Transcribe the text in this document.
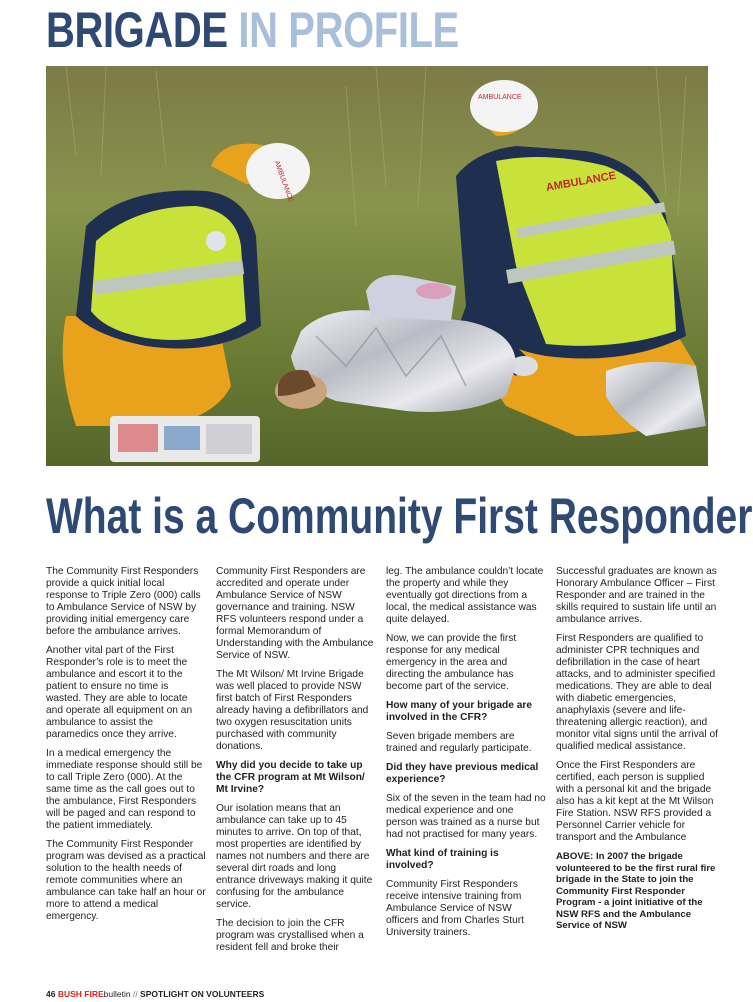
BRIGADE IN PROFILE
AMBULANCE	AMBULANCE
AMBULANCE
What is a Community First Responder

The Community First Responders provide a quick initial local response to Triple Zero (000) calls to Ambulance Service of NSW by providing initial emergency care before the ambulance arrives.

Another vital part of the First Responder’s role is to meet the ambulance and escort it to the patient to ensure no time is wasted. They are able to locate and operate all equipment on an ambulance to assist the paramedics once they arrive.

In a medical emergency the immediate response should still be to call Triple Zero (000). At the same time as the call goes out to the ambulance, First Responders will be paged and can respond to the patient immediately.

The Community First Responder program was devised as a practical solution to the health needs of remote communities where an ambulance can take half an hour or more to attend a medical emergency.

Community First Responders are accredited and operate under Ambulance Service of NSW governance and training. NSW RFS volunteers respond under a formal Memorandum of Understanding with the Ambulance Service of NSW.

The Mt Wilson/ Mt Irvine Brigade was well placed to provide NSW first batch of First Responders already having a defibrillators and two oxygen resuscitation units purchased with community donations.

Why did you decide to take up the CFR program at Mt Wilson/ Mt Irvine?

Our isolation means that an ambulance can take up to 45 minutes to arrive. On top of that, most properties are identified by names not numbers and there are several dirt roads and long entrance driveways making it quite confusing for the ambulance service.

The decision to join the CFR program was crystallised when a resident fell and broke their

leg. The ambulance couldn’t locate the property and while they eventually got directions from a local, the medical assistance was quite delayed.

Now, we can provide the first response for any medical emergency in the area and directing the ambulance has become part of the service.

How many of your brigade are involved in the CFR?

Seven brigade members are trained and regularly participate.

Did they have previous medical experience?

Six of the seven in the team had no medical experience and one person was trained as a nurse but had not practised for many years.

What kind of training is involved?

Community First Responders receive intensive training from Ambulance Service of NSW officers and from Charles Sturt University trainers.

Successful graduates are known as Honorary Ambulance Officer – First Responder and are trained in the skills required to sustain life until an ambulance arrives.

First Responders are qualified to administer CPR techniques and defibrillation in the case of heart attacks, and to administer specified medications. They are able to deal with diabetic emergencies, anaphylaxis (severe and life-threatening allergic reaction), and monitor vital signs until the arrival of qualified medical assistance.

Once the First Responders are certified, each person is supplied with a personal kit and the brigade also has a kit kept at the Mt Wilson Fire Station. NSW RFS provided a Personnel Carrier vehicle for transport and the Ambulance

ABOVE: In 2007 the brigade volunteered to be the first rural fire brigade in the State to join the Community First Responder Program - a joint initiative of the NSW RFS and the Ambulance Service of NSW

46 BUSH FIREbulletin // SPOTLIGHT ON VOLUNTEERS
